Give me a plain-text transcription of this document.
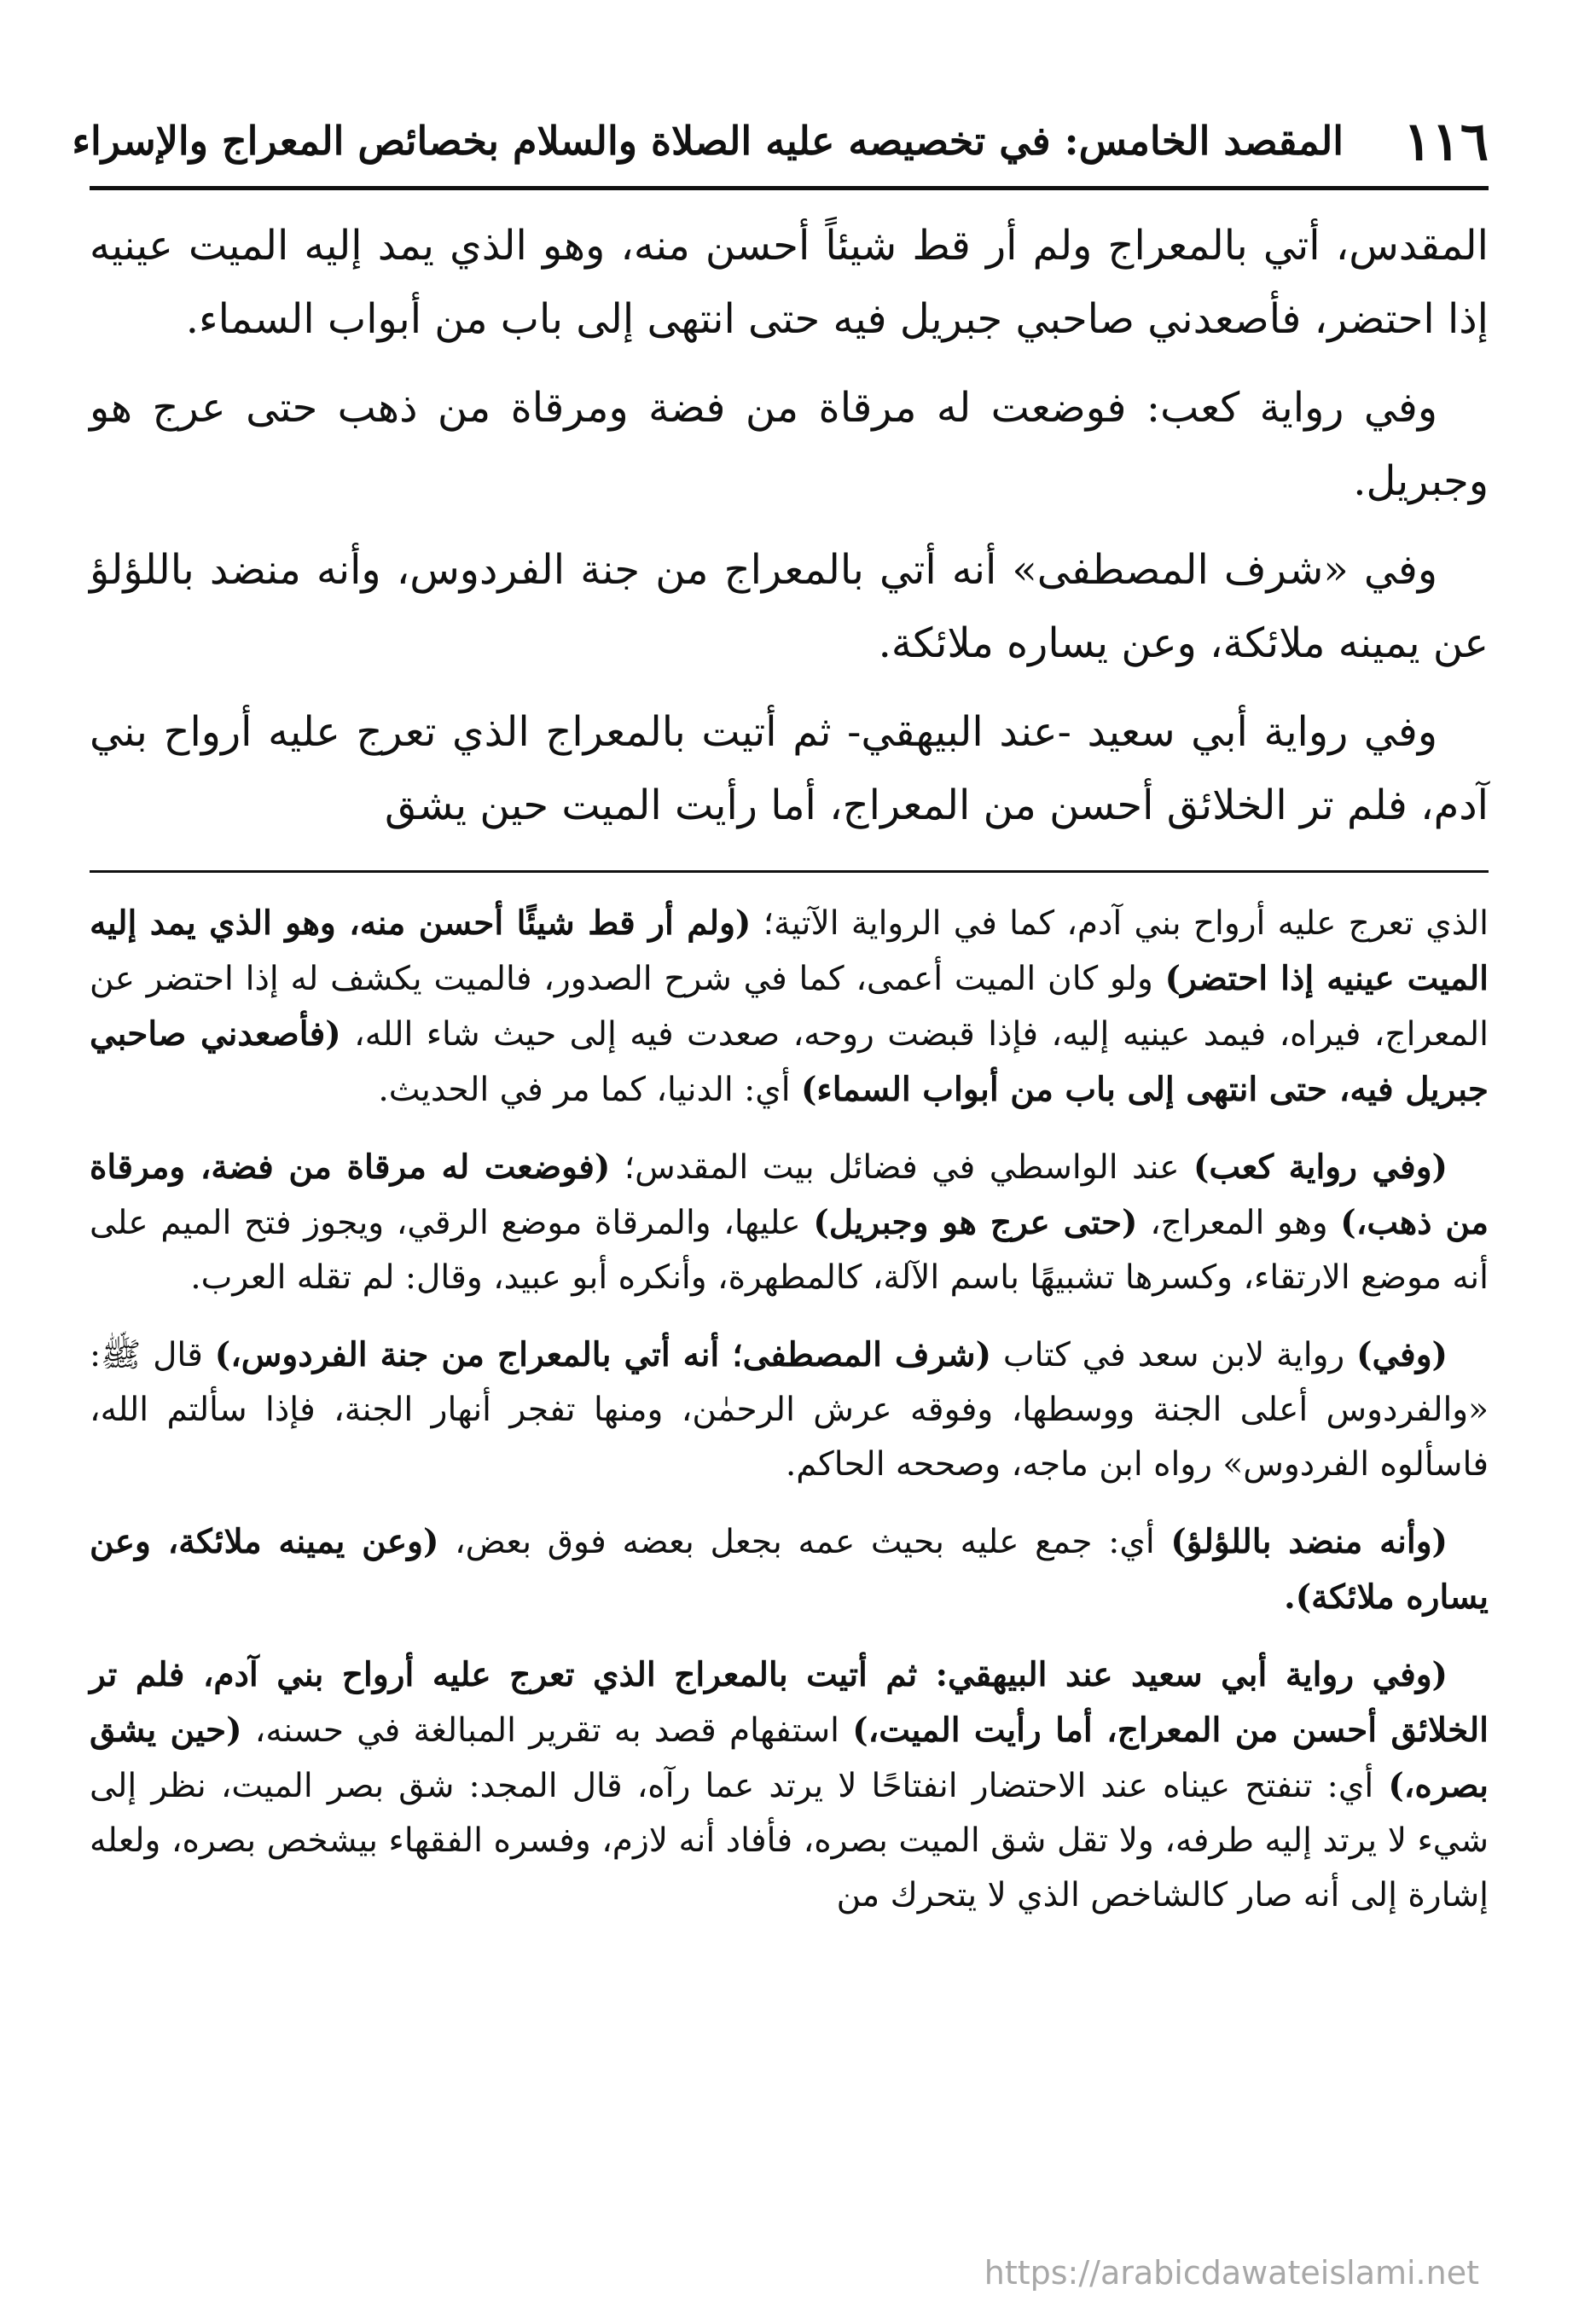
١١٦
المقصد الخامس: في تخصيصه عليه الصلاة والسلام بخصائص المعراج والإسراء

المقدس، أتي بالمعراج ولم أر قط شيئاً أحسن منه، وهو الذي يمد إليه الميت عينيه إذا احتضر، فأصعدني صاحبي جبريل فيه حتى انتهى إلى باب من أبواب السماء.

وفي رواية كعب: فوضعت له مرقاة من فضة ومرقاة من ذهب حتى عرج هو وجبريل.

وفي «شرف المصطفى» أنه أتي بالمعراج من جنة الفردوس، وأنه منضد باللؤلؤ عن يمينه ملائكة، وعن يساره ملائكة.

وفي رواية أبي سعيد -عند البيهقي- ثم أتيت بالمعراج الذي تعرج عليه أرواح بني آدم، فلم تر الخلائق أحسن من المعراج، أما رأيت الميت حين يشق

الذي تعرج عليه أرواح بني آدم، كما في الرواية الآتية؛ (ولم أر قط شيئًا أحسن منه، وهو الذي يمد إليه الميت عينيه إذا احتضر) ولو كان الميت أعمى، كما في شرح الصدور، فالميت يكشف له إذا احتضر عن المعراج، فيراه، فيمد عينيه إليه، فإذا قبضت روحه، صعدت فيه إلى حيث شاء الله، (فأصعدني صاحبي جبريل فيه، حتى انتهى إلى باب من أبواب السماء) أي: الدنيا، كما مر في الحديث.

(وفي رواية كعب) عند الواسطي في فضائل بيت المقدس؛ (فوضعت له مرقاة من فضة، ومرقاة من ذهب،) وهو المعراج، (حتى عرج هو وجبريل) عليها، والمرقاة موضع الرقي، ويجوز فتح الميم على أنه موضع الارتقاء، وكسرها تشبيهًا باسم الآلة، كالمطهرة، وأنكره أبو عبيد، وقال: لم تقله العرب.

(وفي) رواية لابن سعد في كتاب (شرف المصطفى؛ أنه أتي بالمعراج من جنة الفردوس،) قال ﷺ: «والفردوس أعلى الجنة ووسطها، وفوقه عرش الرحمٰن، ومنها تفجر أنهار الجنة، فإذا سألتم الله، فاسألوه الفردوس» رواه ابن ماجه، وصححه الحاكم.

(وأنه منضد باللؤلؤ) أي: جمع عليه بحيث عمه بجعل بعضه فوق بعض، (وعن يمينه ملائكة، وعن يساره ملائكة).

(وفي رواية أبي سعيد عند البيهقي: ثم أتيت بالمعراج الذي تعرج عليه أرواح بني آدم، فلم تر الخلائق أحسن من المعراج، أما رأيت الميت،) استفهام قصد به تقرير المبالغة في حسنه، (حين يشق بصره،) أي: تنفتح عيناه عند الاحتضار انفتاحًا لا يرتد عما رآه، قال المجد: شق بصر الميت، نظر إلى شيء لا يرتد إليه طرفه، ولا تقل شق الميت بصره، فأفاد أنه لازم، وفسره الفقهاء بيشخص بصره، ولعله إشارة إلى أنه صار كالشاخص الذي لا يتحرك من

https://arabicdawateislami.net
